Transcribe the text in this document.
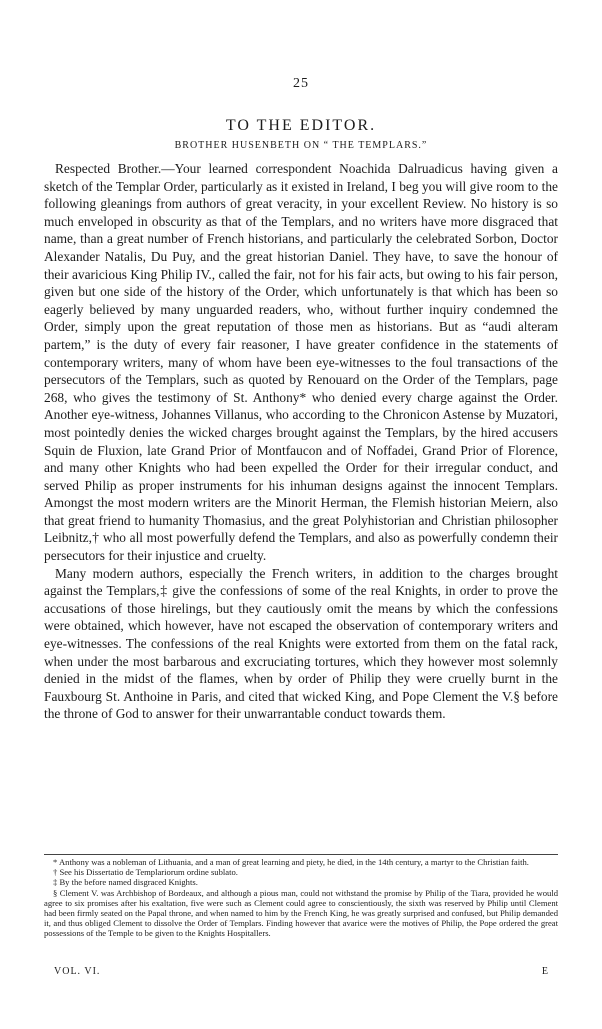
25
TO THE EDITOR.
BROTHER HUSENBETH ON “ THE TEMPLARS.”

Respected Brother.—Your learned correspondent Noachida Dalruadicus having given a sketch of the Templar Order, particularly as it existed in Ireland, I beg you will give room to the following gleanings from authors of great veracity, in your excellent Review. No history is so much enveloped in obscurity as that of the Templars, and no writers have more disgraced that name, than a great number of French historians, and particularly the celebrated Sorbon, Doctor Alexander Natalis, Du Puy, and the great historian Daniel. They have, to save the honour of their avaricious King Philip IV., called the fair, not for his fair acts, but owing to his fair person, given but one side of the history of the Order, which unfortunately is that which has been so eagerly believed by many unguarded readers, who, without further inquiry condemned the Order, simply upon the great reputation of those men as historians. But as “audi alteram partem,” is the duty of every fair reasoner, I have greater confidence in the statements of contemporary writers, many of whom have been eye-witnesses to the foul transactions of the persecutors of the Templars, such as quoted by Renouard on the Order of the Templars, page 268, who gives the testimony of St. Anthony* who denied every charge against the Order. Another eye-witness, Johannes Villanus, who according to the Chronicon Astense by Muzatori, most pointedly denies the wicked charges brought against the Templars, by the hired accusers Squin de Fluxion, late Grand Prior of Montfaucon and of Noffadei, Grand Prior of Florence, and many other Knights who had been expelled the Order for their irregular conduct, and served Philip as proper instruments for his inhuman designs against the innocent Templars. Amongst the most modern writers are the Minorit Herman, the Flemish historian Meiern, also that great friend to humanity Thomasius, and the great Polyhistorian and Christian philosopher Leibnitz,† who all most powerfully defend the Templars, and also as powerfully condemn their persecutors for their injustice and cruelty.

Many modern authors, especially the French writers, in addition to the charges brought against the Templars,‡ give the confessions of some of the real Knights, in order to prove the accusations of those hirelings, but they cautiously omit the means by which the confessions were obtained, which however, have not escaped the observation of contemporary writers and eye-witnesses. The confessions of the real Knights were extorted from them on the fatal rack, when under the most barbarous and excruciating tortures, which they however most solemnly denied in the midst of the flames, when by order of Philip they were cruelly burnt in the Fauxbourg St. Anthoine in Paris, and cited that wicked King, and Pope Clement the V.§ before the throne of God to answer for their unwarrantable conduct towards them.

* Anthony was a nobleman of Lithuania, and a man of great learning and piety, he died, in the 14th century, a martyr to the Christian faith.

† See his Dissertatio de Templariorum ordine sublato.

‡ By the before named disgraced Knights.

§ Clement V. was Archbishop of Bordeaux, and although a pious man, could not withstand the promise by Philip of the Tiara, provided he would agree to six promises after his exaltation, five were such as Clement could agree to conscientiously, the sixth was reserved by Philip until Clement had been firmly seated on the Papal throne, and when named to him by the French King, he was greatly surprised and confused, but Philip demanded it, and thus obliged Clement to dissolve the Order of Templars. Finding however that avarice were the motives of Philip, the Pope ordered the great possessions of the Temple to be given to the Knights Hospitallers.

VOL. VI.	E
